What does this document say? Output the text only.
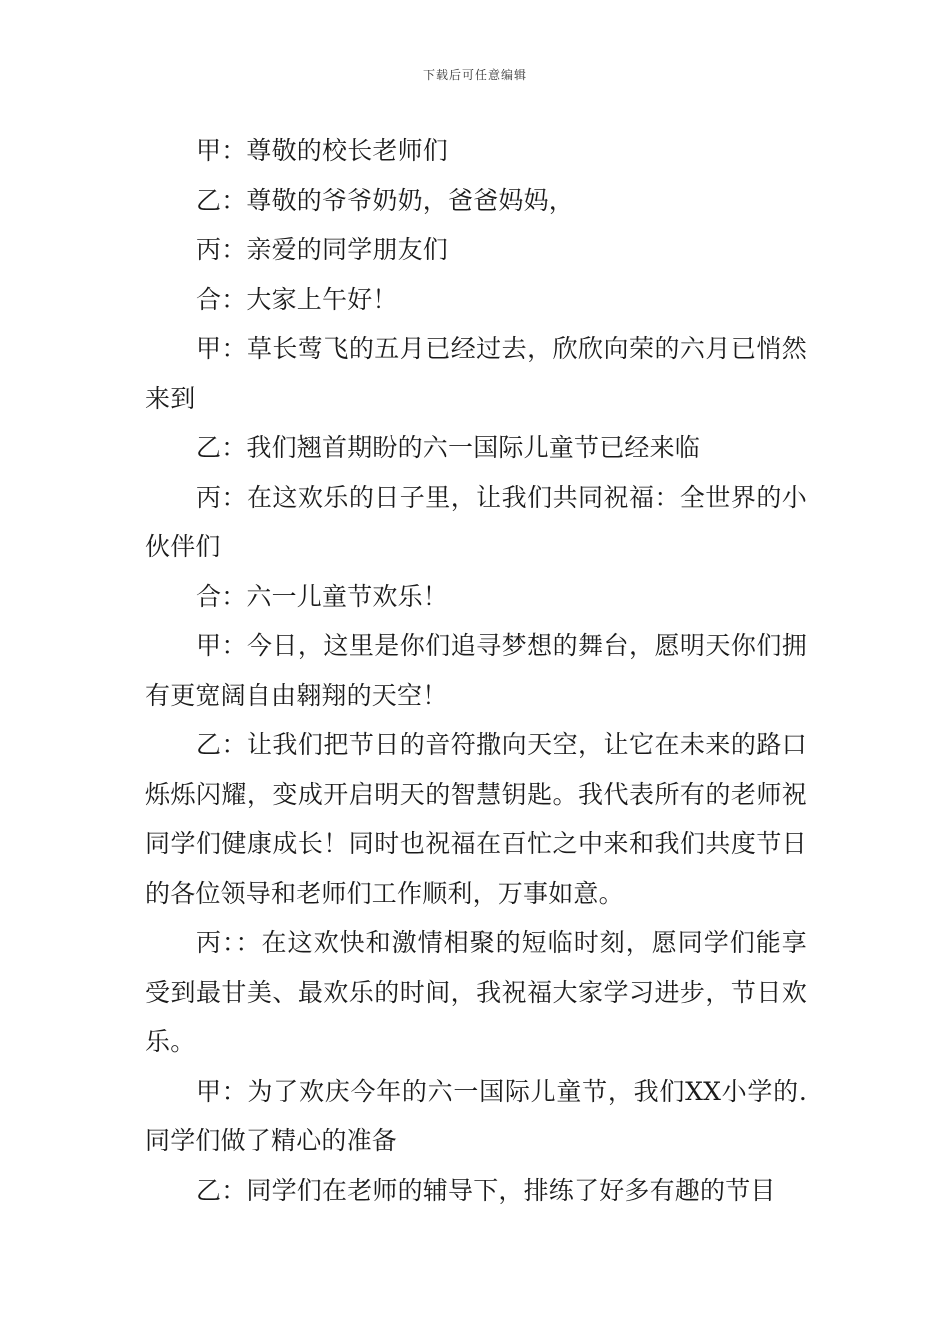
下载后可任意编辑

甲：尊敬的校长老师们

乙：尊敬的爷爷奶奶，爸爸妈妈，

丙：亲爱的同学朋友们

合：大家上午好！

甲：草长莺飞的五月已经过去，欣欣向荣的六月已悄然来到

乙：我们翘首期盼的六一国际儿童节已经来临

丙：在这欢乐的日子里，让我们共同祝福：全世界的小伙伴们

合：六一儿童节欢乐！

甲：今日，这里是你们追寻梦想的舞台，愿明天你们拥有更宽阔自由翱翔的天空！

乙：让我们把节日的音符撒向天空，让它在未来的路口烁烁闪耀，变成开启明天的智慧钥匙。我代表所有的老师祝同学们健康成长！同时也祝福在百忙之中来和我们共度节日的各位领导和老师们工作顺利，万事如意。

丙：：在这欢快和激情相聚的短临时刻，愿同学们能享受到最甘美、最欢乐的时间，我祝福大家学习进步，节日欢乐。

甲：为了欢庆今年的六一国际儿童节，我们XX小学的.同学们做了精心的准备

乙：同学们在老师的辅导下，排练了好多有趣的节目
